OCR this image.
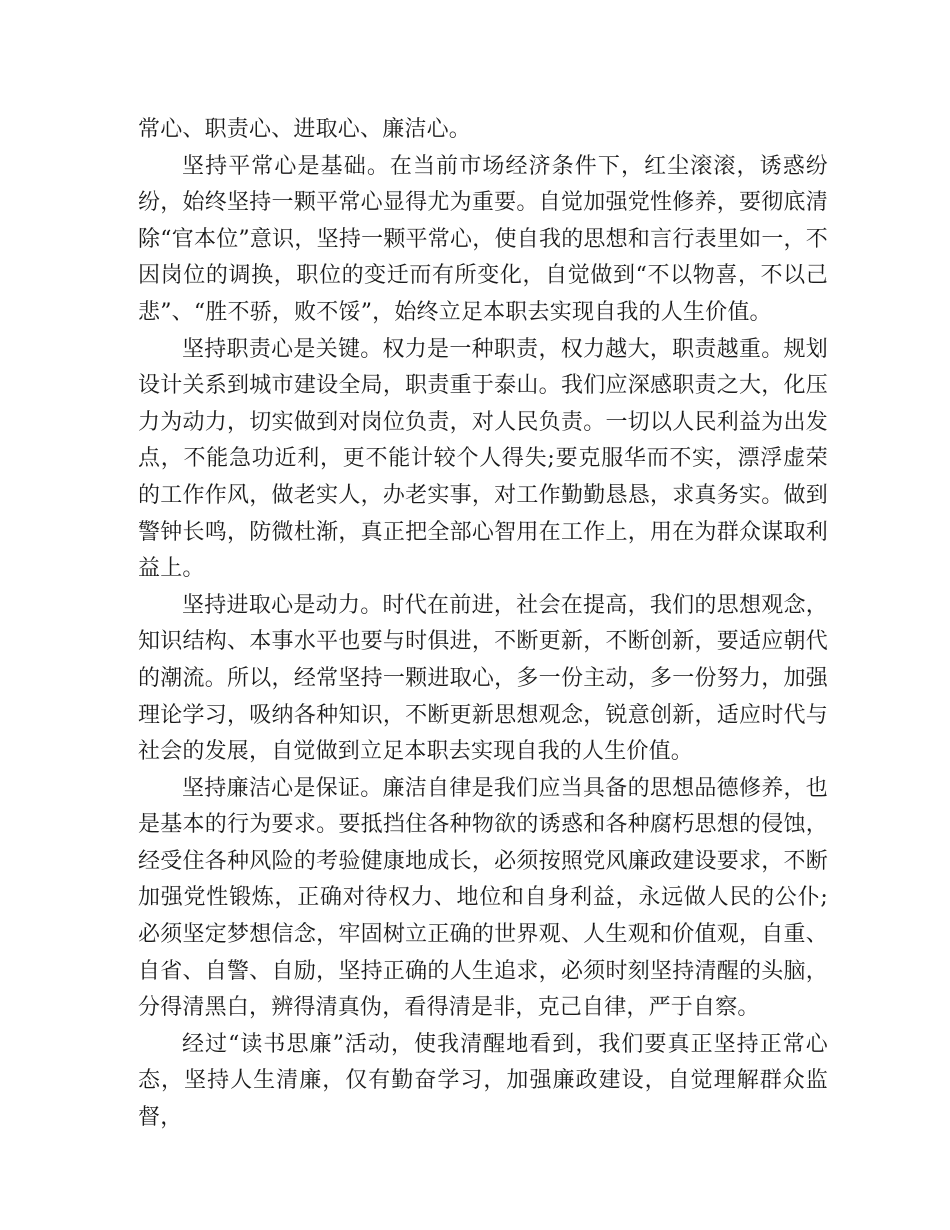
常心、职责心、进取心、廉洁心。

坚持平常心是基础。在当前市场经济条件下，红尘滚滚，诱惑纷纷，始终坚持一颗平常心显得尤为重要。自觉加强党性修养，要彻底清除“官本位”意识，坚持一颗平常心，使自我的思想和言行表里如一，不因岗位的调换，职位的变迁而有所变化，自觉做到“不以物喜，不以己悲”、“胜不骄，败不馁”，始终立足本职去实现自我的人生价值。

坚持职责心是关键。权力是一种职责，权力越大，职责越重。规划设计关系到城市建设全局，职责重于泰山。我们应深感职责之大，化压力为动力，切实做到对岗位负责，对人民负责。一切以人民利益为出发点，不能急功近利，更不能计较个人得失;要克服华而不实，漂浮虚荣的工作作风，做老实人，办老实事，对工作勤勤恳恳，求真务实。做到警钟长鸣，防微杜渐，真正把全部心智用在工作上，用在为群众谋取利益上。

坚持进取心是动力。时代在前进，社会在提高，我们的思想观念，知识结构、本事水平也要与时俱进，不断更新，不断创新，要适应朝代的潮流。所以，经常坚持一颗进取心，多一份主动，多一份努力，加强理论学习，吸纳各种知识，不断更新思想观念，锐意创新，适应时代与社会的发展，自觉做到立足本职去实现自我的人生价值。

坚持廉洁心是保证。廉洁自律是我们应当具备的思想品德修养，也是基本的行为要求。要抵挡住各种物欲的诱惑和各种腐朽思想的侵蚀，经受住各种风险的考验健康地成长，必须按照党风廉政建设要求，不断加强党性锻炼，正确对待权力、地位和自身利益，永远做人民的公仆;必须坚定梦想信念，牢固树立正确的世界观、人生观和价值观，自重、自省、自警、自励，坚持正确的人生追求，必须时刻坚持清醒的头脑，分得清黑白，辨得清真伪，看得清是非，克己自律，严于自察。

经过“读书思廉”活动，使我清醒地看到，我们要真正坚持正常心态，坚持人生清廉，仅有勤奋学习，加强廉政建设，自觉理解群众监督，
